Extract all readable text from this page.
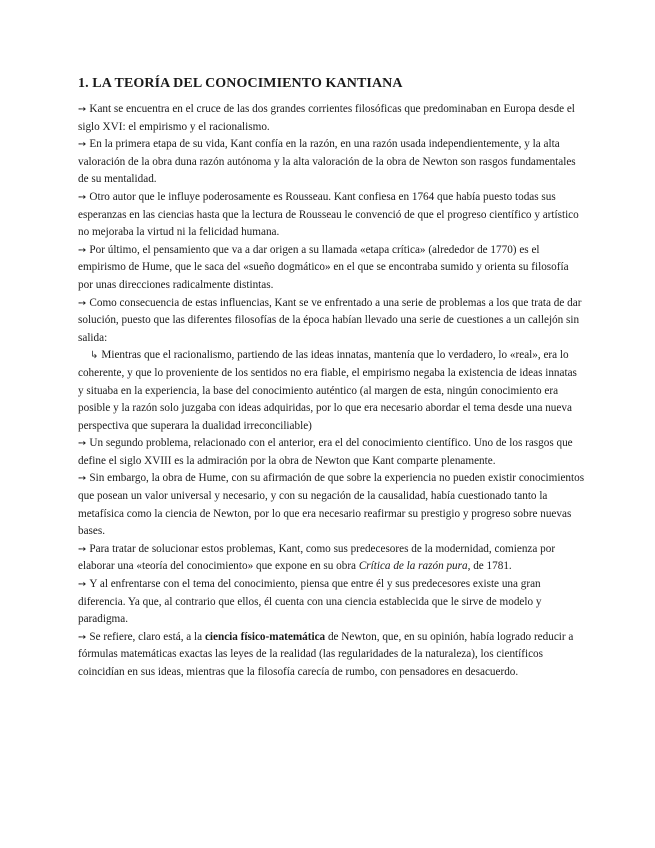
1. LA TEORÍA DEL CONOCIMIENTO KANTIANA

➙ Kant se encuentra en el cruce de las dos grandes corrientes filosóficas que predominaban en Europa desde el siglo XVI: el empirismo y el racionalismo.

➙ En la primera etapa de su vida, Kant confía en la razón, en una razón usada independientemente, y la alta valoración de la obra duna razón autónoma y la alta valoración de la obra de Newton son rasgos fundamentales de su mentalidad.

➙ Otro autor que le influye poderosamente es Rousseau. Kant confiesa en 1764 que había puesto todas sus esperanzas en las ciencias hasta que la lectura de Rousseau le convenció de que el progreso científico y artístico no mejoraba la virtud ni la felicidad humana.

➙ Por último, el pensamiento que va a dar origen a su llamada «etapa crítica» (alrededor de 1770) es el empirismo de Hume, que le saca del «sueño dogmático» en el que se encontraba sumido y orienta su filosofía por unas direcciones radicalmente distintas.

➙ Como consecuencia de estas influencias, Kant se ve enfrentado a una serie de problemas a los que trata de dar solución, puesto que las diferentes filosofías de la época habían llevado una serie de cuestiones a un callejón sin salida:

↳ Mientras que el racionalismo, partiendo de las ideas innatas, mantenía que lo verdadero, lo «real», era lo coherente, y que lo proveniente de los sentidos no era fiable, el empirismo negaba la existencia de ideas innatas y situaba en la experiencia, la base del conocimiento auténtico (al margen de esta, ningún conocimiento era posible y la razón solo juzgaba con ideas adquiridas, por lo que era necesario abordar el tema desde una nueva perspectiva que superara la dualidad irreconciliable)

➙ Un segundo problema, relacionado con el anterior, era el del conocimiento científico. Uno de los rasgos que define el siglo XVIII es la admiración por la obra de Newton que Kant comparte plenamente.

➙ Sin embargo, la obra de Hume, con su afirmación de que sobre la experiencia no pueden existir conocimientos que posean un valor universal y necesario, y con su negación de la causalidad, había cuestionado tanto la metafísica como la ciencia de Newton, por lo que era necesario reafirmar su prestigio y progreso sobre nuevas bases.

➙ Para tratar de solucionar estos problemas, Kant, como sus predecesores de la modernidad, comienza por elaborar una «teoría del conocimiento» que expone en su obra Crítica de la razón pura, de 1781.

➙ Y al enfrentarse con el tema del conocimiento, piensa que entre él y sus predecesores existe una gran diferencia. Ya que, al contrario que ellos, él cuenta con una ciencia establecida que le sirve de modelo y paradigma.

➙ Se refiere, claro está, a la ciencia físico-matemática de Newton, que, en su opinión, había logrado reducir a fórmulas matemáticas exactas las leyes de la realidad (las regularidades de la naturaleza), los científicos coincidían en sus ideas, mientras que la filosofía carecía de rumbo, con pensadores en desacuerdo.
